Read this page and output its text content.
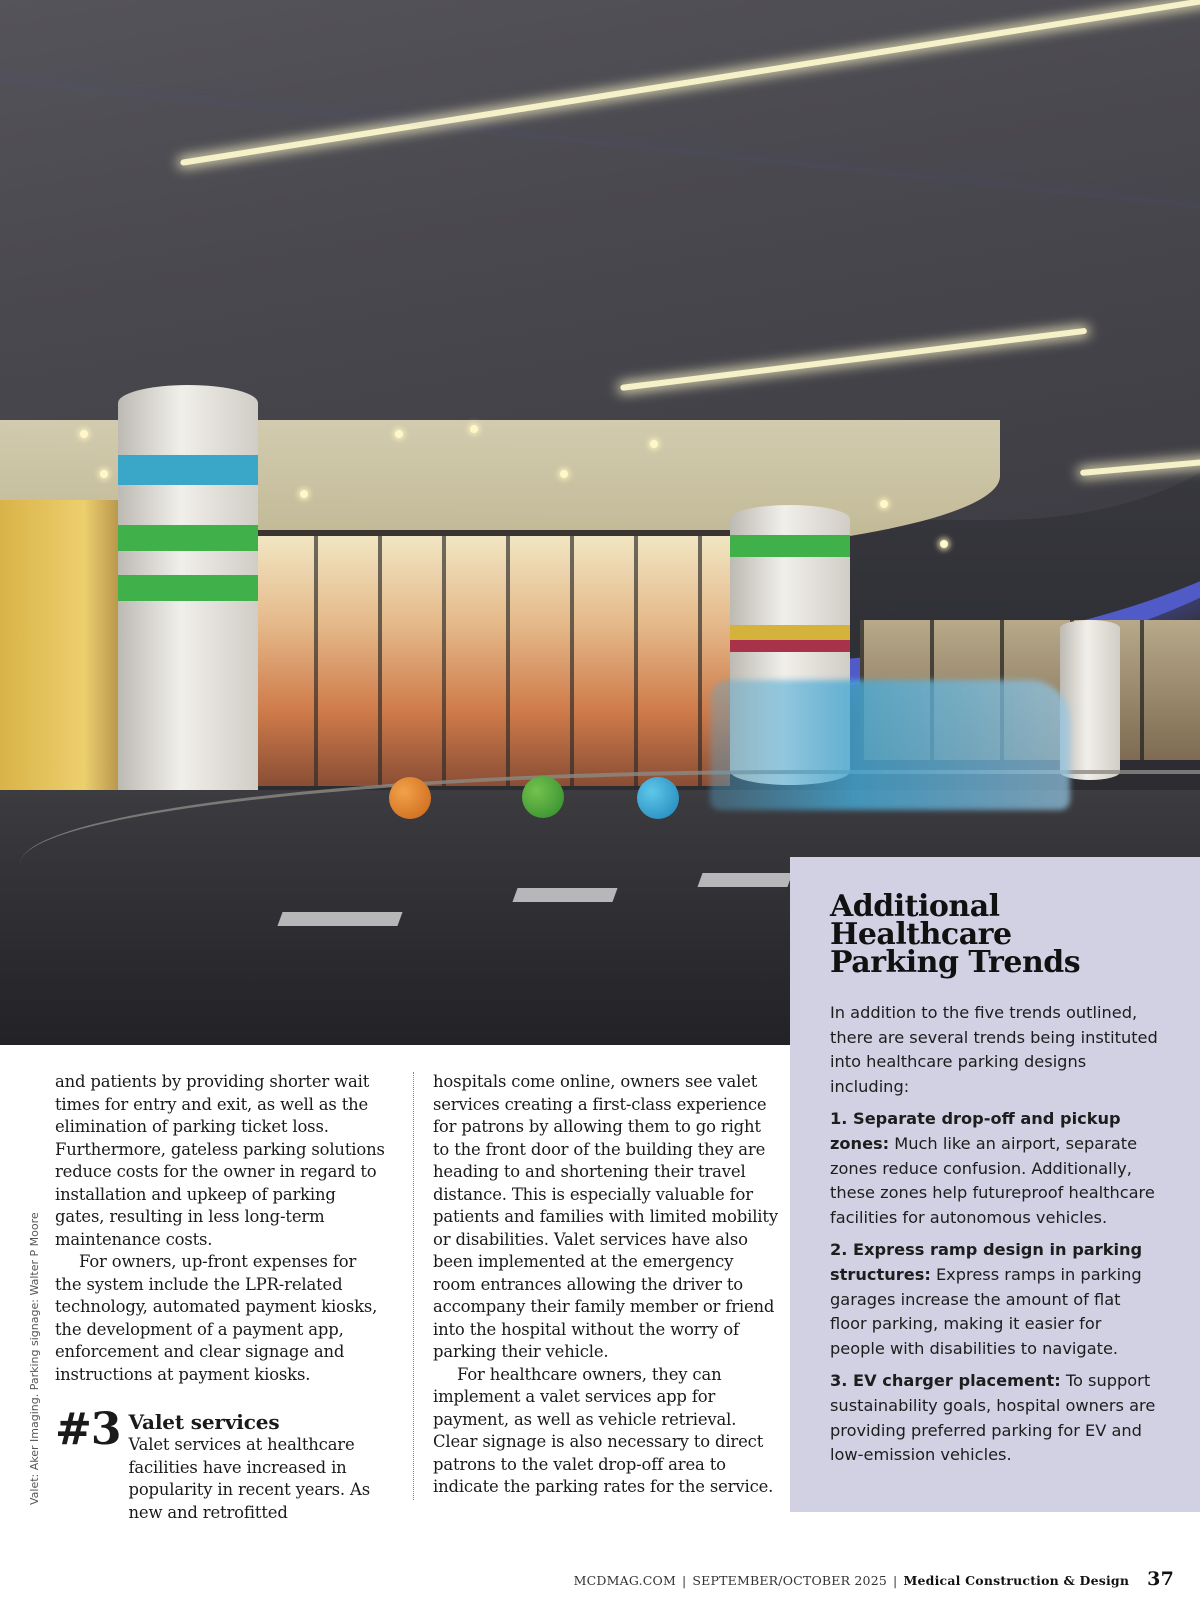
Valet: Aker Imaging. Parking signage: Walter P Moore
Additional
Healthcare
Parking Trends

In addition to the five trends outlined, there are several trends being instituted into healthcare parking designs including:

1. Separate drop-off and pickup zones: Much like an airport, separate zones reduce confusion. Additionally, these zones help futureproof healthcare facilities for autonomous vehicles.

2. Express ramp design in parking structures: Express ramps in parking garages increase the amount of flat floor parking, making it easier for people with disabilities to navigate.

3. EV charger placement: To support sustainability goals, hospital owners are providing preferred parking for EV and low-emission vehicles.

and patients by providing shorter wait times for entry and exit, as well as the elimination of parking ticket loss. Furthermore, gateless parking solutions reduce costs for the owner in regard to installation and upkeep of parking gates, resulting in less long-term maintenance costs.

For owners, up-front expenses for the system include the LPR-related technology, automated payment kiosks, the development of a payment app, enforcement and clear signage and instructions at payment kiosks.

#3 Valet services

Valet services at healthcare facilities have increased in popularity in recent years. As new and retrofitted

hospitals come online, owners see valet services creating a first-class experience for patrons by allowing them to go right to the front door of the building they are heading to and shortening their travel distance. This is especially valuable for patients and families with limited mobility or disabilities. Valet services have also been implemented at the emergency room entrances allowing the driver to accompany their family member or friend into the hospital without the worry of parking their vehicle.

For healthcare owners, they can implement a valet services app for payment, as well as vehicle retrieval. Clear signage is also necessary to direct patrons to the valet drop-off area to indicate the parking rates for the service.

MCDMAG.COM | SEPTEMBER/OCTOBER 2025 | Medical Construction & Design 37
